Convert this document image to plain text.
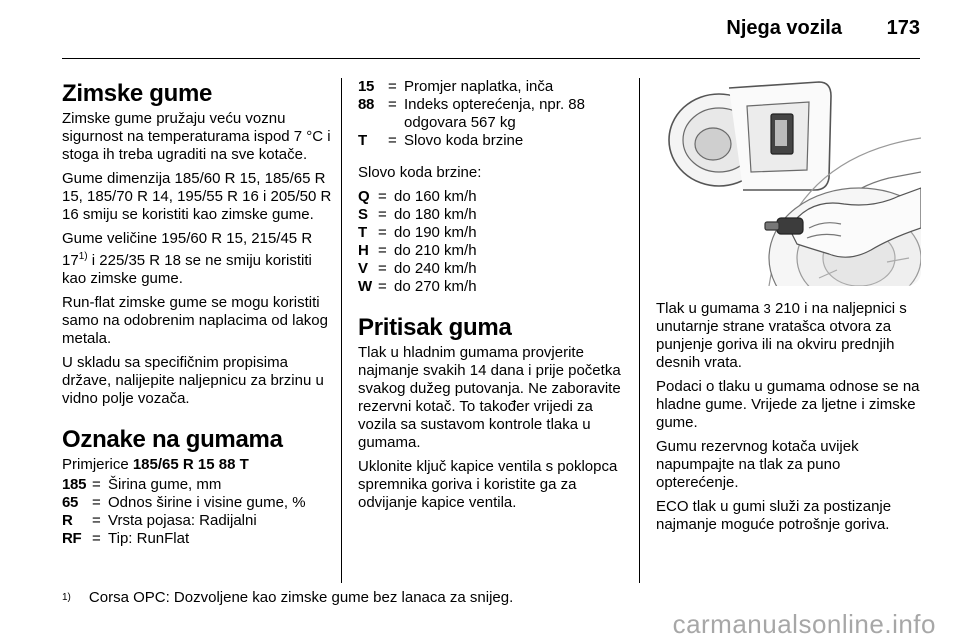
Njega vozila 173
Zimske gume

Zimske gume pružaju veću voznu sigurnost na temperaturama ispod 7 °C i stoga ih treba ugraditi na sve kotače.

Gume dimenzija 185/60 R 15, 185/65 R 15, 185/70 R 14, 195/55 R 16 i 205/50 R 16 smiju se koristiti kao zimske gume.

Gume veličine 195/60 R 15, 215/45 R 17$^{1)}$ i 225/35 R 18 se ne smiju koristiti kao zimske gume.

Run-flat zimske gume se mogu koristiti samo na odobrenim naplacima od lakog metala.

U skladu sa specifičnim propisima države, nalijepite naljepnicu za brzinu u vidno polje vozača.

Oznake na gumama

Primjerice 185/65 R 15 88 T

185 = Širina gume, mm
65 = Odnos širine i visine gume, %
R	= Vrsta pojasa: Radijalni
RF = Tip: RunFlat
15 = Promjer naplatka, inča
88 = Indeks opterećenja, npr. 88 odgovara 567 kg
T	= Slovo koda brzine

Slovo koda brzine:

Q = do 160 km/h
S = do 180 km/h
T = do 190 km/h
H = do 210 km/h
V = do 240 km/h
W = do 270 km/h
Pritisak guma

Tlak u hladnim gumama provjerite najmanje svakih 14 dana i prije početka svakog dužeg putovanja. Ne zaboravite rezervni kotač. To također vrijedi za vozila sa sustavom kontrole tlaka u gumama.

Uklonite ključ kapice ventila s poklopca spremnika goriva i koristite ga za odvijanje kapice ventila.

Tlak u gumama 3 210 i na naljepnici s unutarnje strane vratašca otvora za punjenje goriva ili na okviru prednjih desnih vrata.

Podaci o tlaku u gumama odnose se na hladne gume. Vrijede za ljetne i zimske gume.

Gumu rezervnog kotača uvijek napumpajte na tlak za puno opterećenje.

ECO tlak u gumi služi za postizanje najmanje moguće potrošnje goriva.

$^{1)}$ Corsa OPC: Dozvoljene kao zimske gume bez lanaca za snijeg.
carmanualsonline.info
